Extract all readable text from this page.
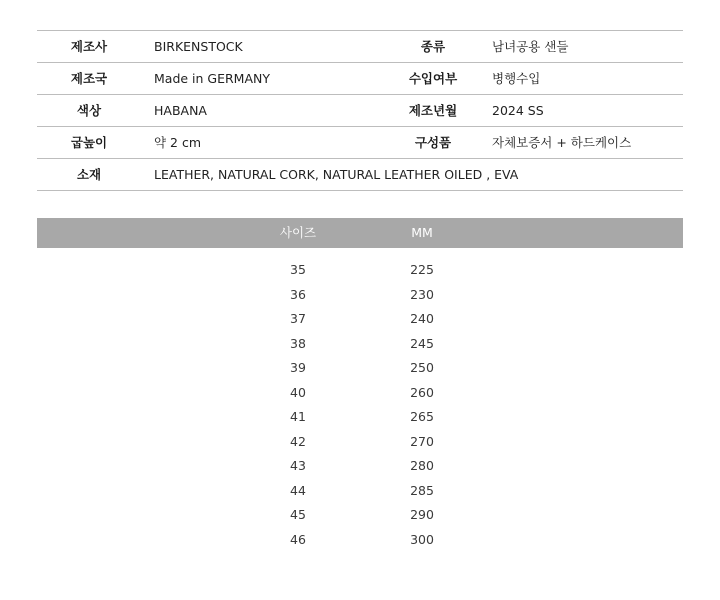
제조사	BIRKENSTOCK	종류	남녀공용 샌들
제조국	Made in GERMANY	수입여부	병행수입
색상	HABANA	제조년월	2024 SS
굽높이	약 2 cm	구성품	자체보증서 + 하드케이스
소재	LEATHER, NATURAL CORK, NATURAL LEATHER OILED , EVA
사이즈	MM
35	225
36	230
37	240
38	245
39	250
40	260
41	265
42	270
43	280
44	285
45	290
46	300
